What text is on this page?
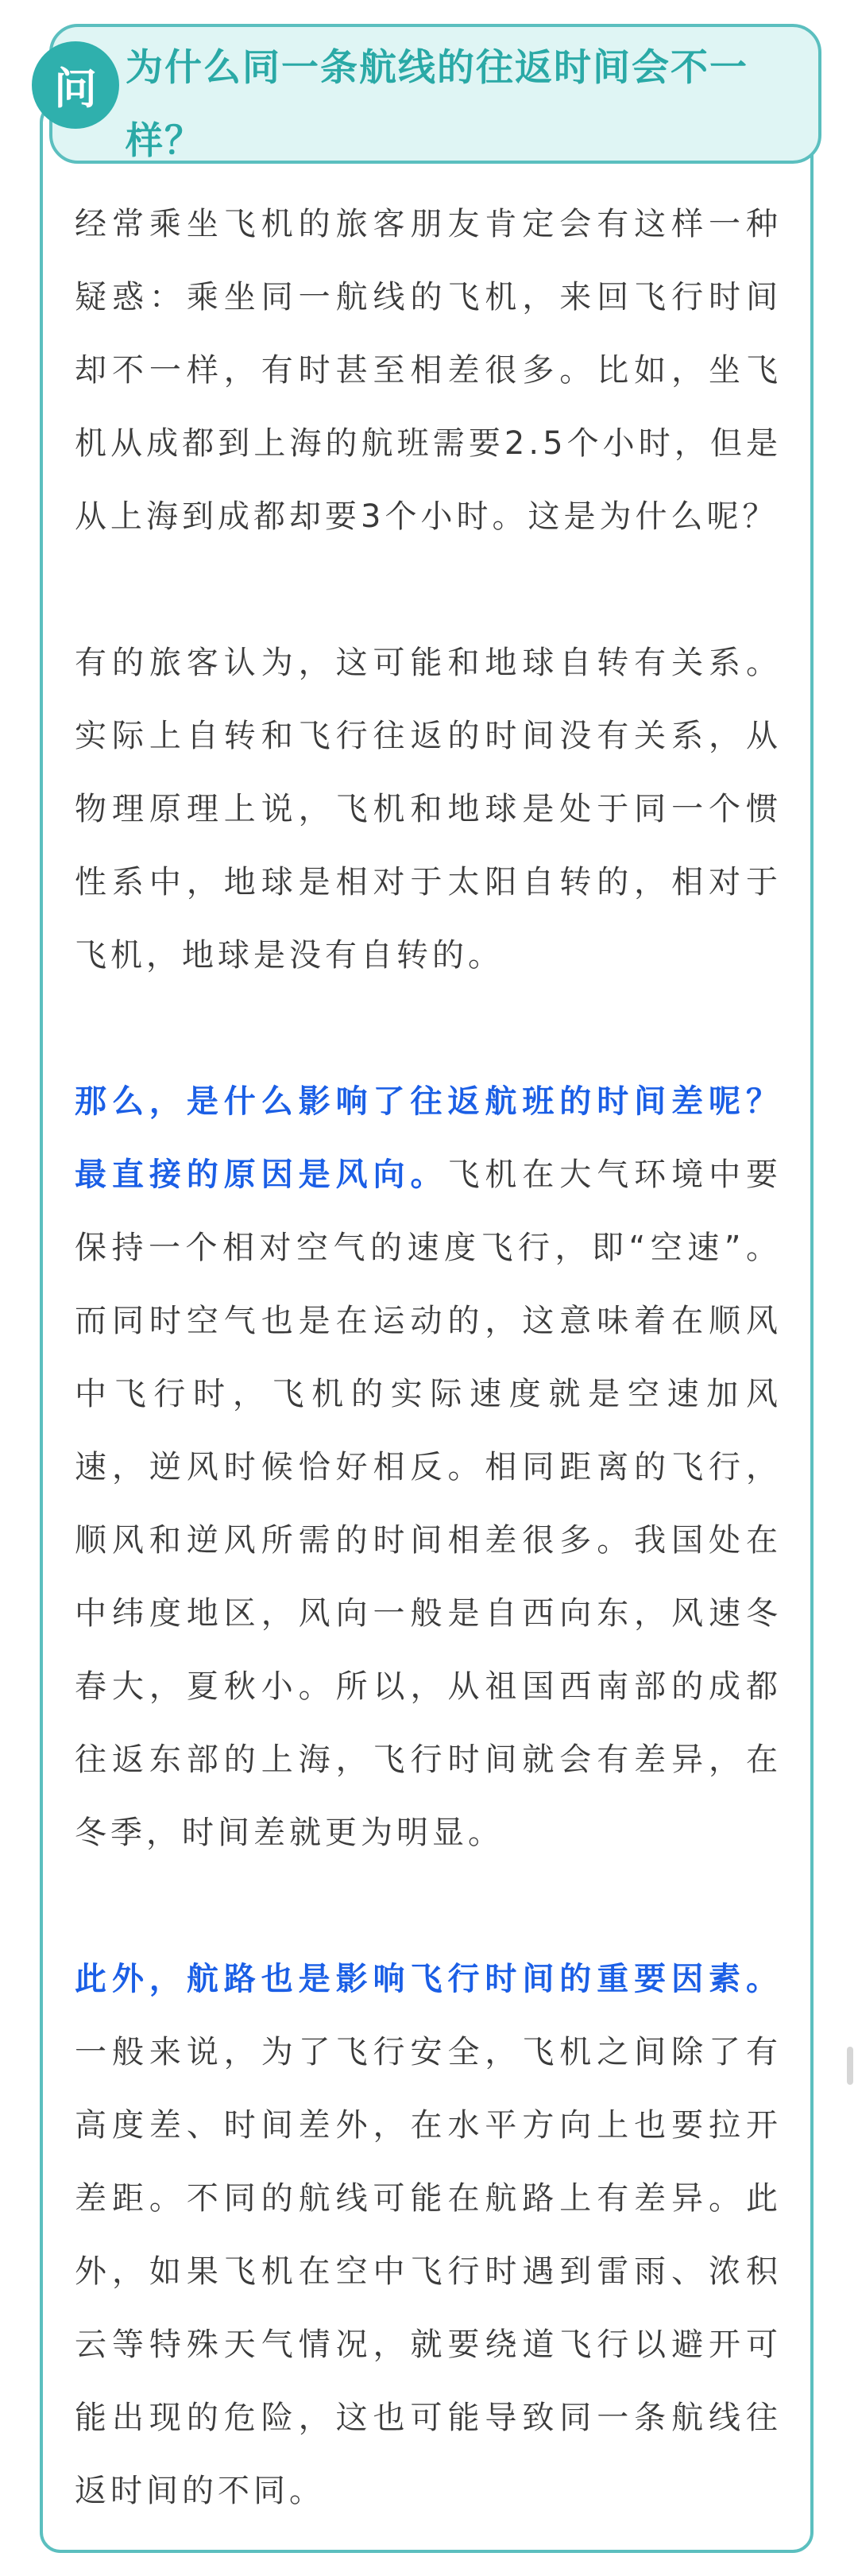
问 为什么同一条航线的往返时间会不一样？

经常乘坐飞机的旅客朋友肯定会有这样一种疑惑：乘坐同一航线的飞机，来回飞行时间却不一样，有时甚至相差很多。比如，坐飞机从成都到上海的航班需要2.5个小时，但是从上海到成都却要3个小时。这是为什么呢？

有的旅客认为，这可能和地球自转有关系。实际上自转和飞行往返的时间没有关系，从物理原理上说，飞机和地球是处于同一个惯性系中，地球是相对于太阳自转的，相对于飞机，地球是没有自转的。

那么，是什么影响了往返航班的时间差呢？最直接的原因是风向。飞机在大气环境中要保持一个相对空气的速度飞行，即“空速”。而同时空气也是在运动的，这意味着在顺风中飞行时，飞机的实际速度就是空速加风速，逆风时候恰好相反。相同距离的飞行，顺风和逆风所需的时间相差很多。我国处在中纬度地区，风向一般是自西向东，风速冬春大，夏秋小。所以，从祖国西南部的成都往返东部的上海，飞行时间就会有差异，在冬季，时间差就更为明显。

此外，航路也是影响飞行时间的重要因素。一般来说，为了飞行安全，飞机之间除了有高度差、时间差外，在水平方向上也要拉开差距。不同的航线可能在航路上有差异。此外，如果飞机在空中飞行时遇到雷雨、浓积云等特殊天气情况，就要绕道飞行以避开可能出现的危险，这也可能导致同一条航线往返时间的不同。
